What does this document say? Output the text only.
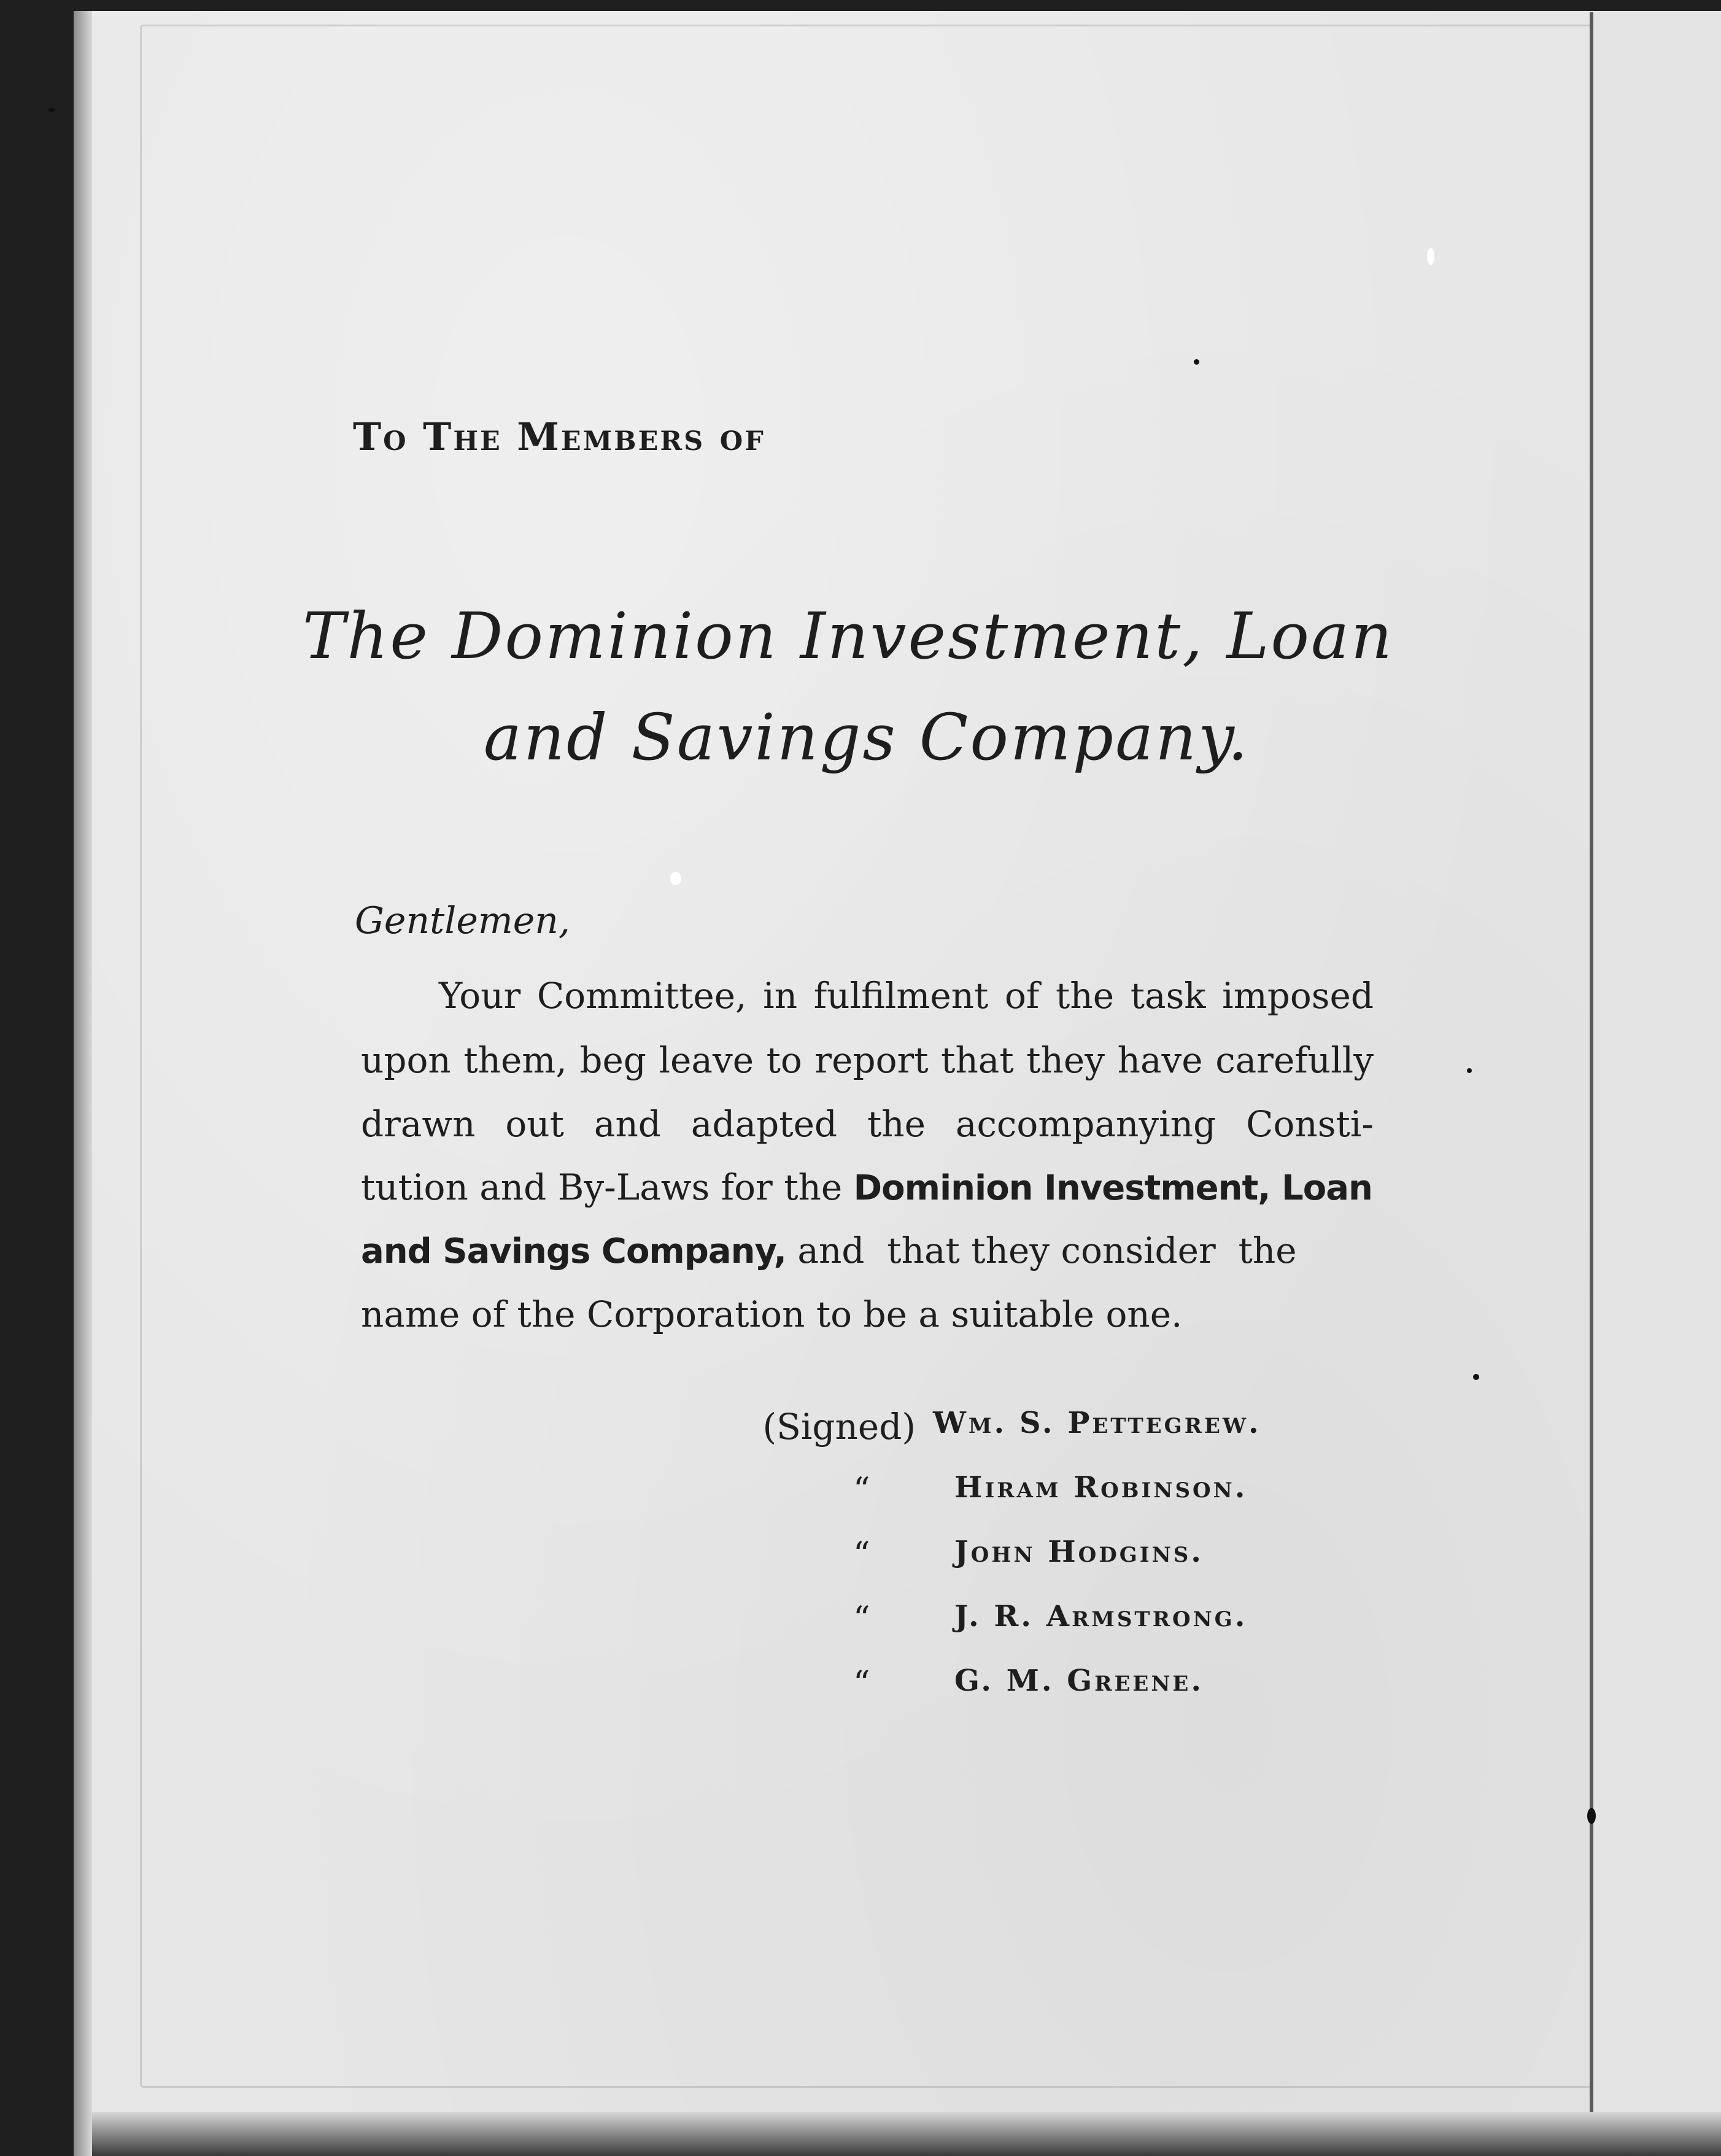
To The Members of
The Dominion Investment, Loan
and Savings Company.
Gentlemen,
Your Committee, in fulfilment of the task imposed
upon them, beg leave to report that they have carefully
drawn out and adapted the accompanying Consti-
tution and By-Laws for the Dominion Investment, Loan
and Savings Company, and  that they consider  the
name of the Corporation to be a suitable one.
(Signed) Wm. S. Pettegrew.
“	Hiram Robinson.
“	John Hodgins.
“	J. R. Armstrong.
“	G. M. Greene.
